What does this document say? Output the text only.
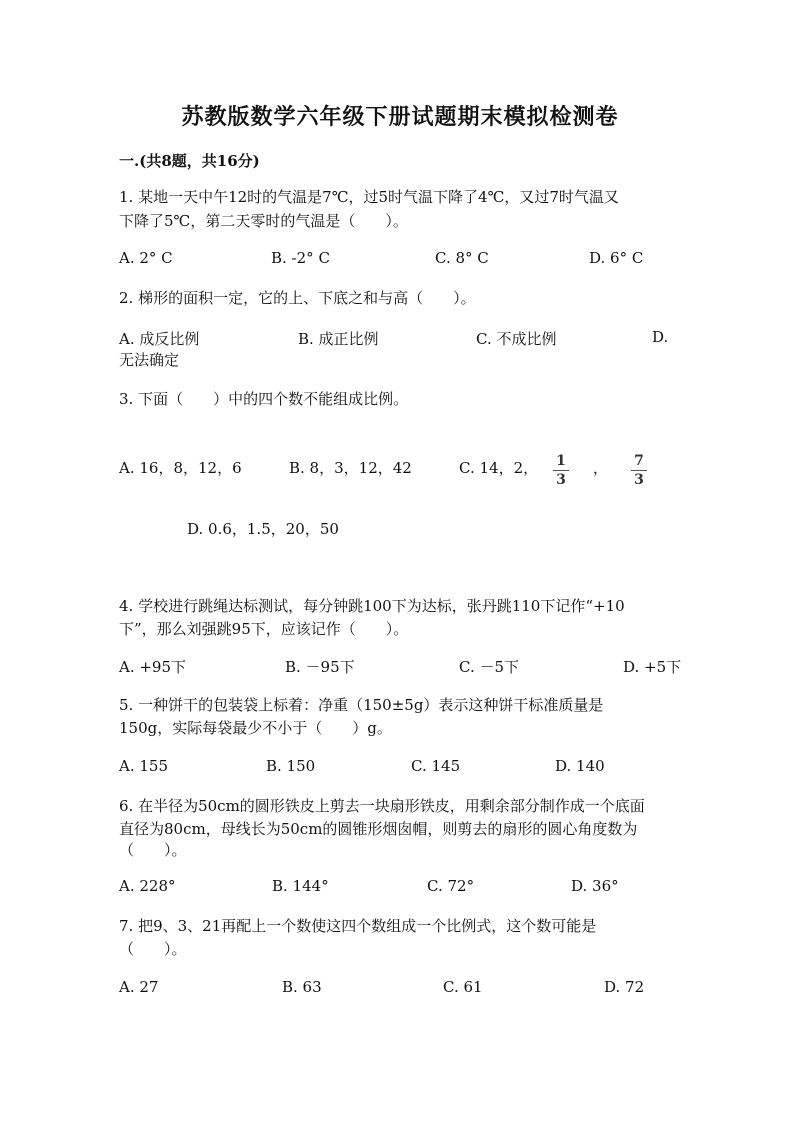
苏教版数学六年级下册试题期末模拟检测卷
一.(共8题，共16分)
1. 某地一天中午12时的气温是7℃，过5时气温下降了4℃，又过7时气温又
下降了5℃，第二天零时的气温是（　　）。
A. 2° C	B. -2° C	C. 8° C	D. 6° C
2. 梯形的面积一定，它的上、下底之和与高（　　）。
A. 成反比例	B. 成正比例	C. 不成比例	D.
无法确定
3. 下面（　　）中的四个数不能组成比例。
A. 16，8，12，6	B. 8，3，12，42	C. 14，2， 1
3
， 7
3
D. 0.6，1.5，20，50
4. 学校进行跳绳达标测试，每分钟跳100下为达标，张丹跳110下记作“+10
下”，那么刘强跳95下，应该记作（　　）。
A. +95下	B. －95下	C. －5下	D. +5下
5. 一种饼干的包装袋上标着：净重（150±5g）表示这种饼干标准质量是
150g，实际每袋最少不小于（　　）g。
A. 155	B. 150	C. 145	D. 140
6. 在半径为50cm的圆形铁皮上剪去一块扇形铁皮，用剩余部分制作成一个底面
直径为80cm，母线长为50cm的圆锥形烟囱帽，则剪去的扇形的圆心角度数为
（　　）。
A. 228°	B. 144°	C. 72°	D. 36°
7. 把9、3、21再配上一个数使这四个数组成一个比例式，这个数可能是
（　　）。
A. 27	B. 63	C. 61	D. 72
